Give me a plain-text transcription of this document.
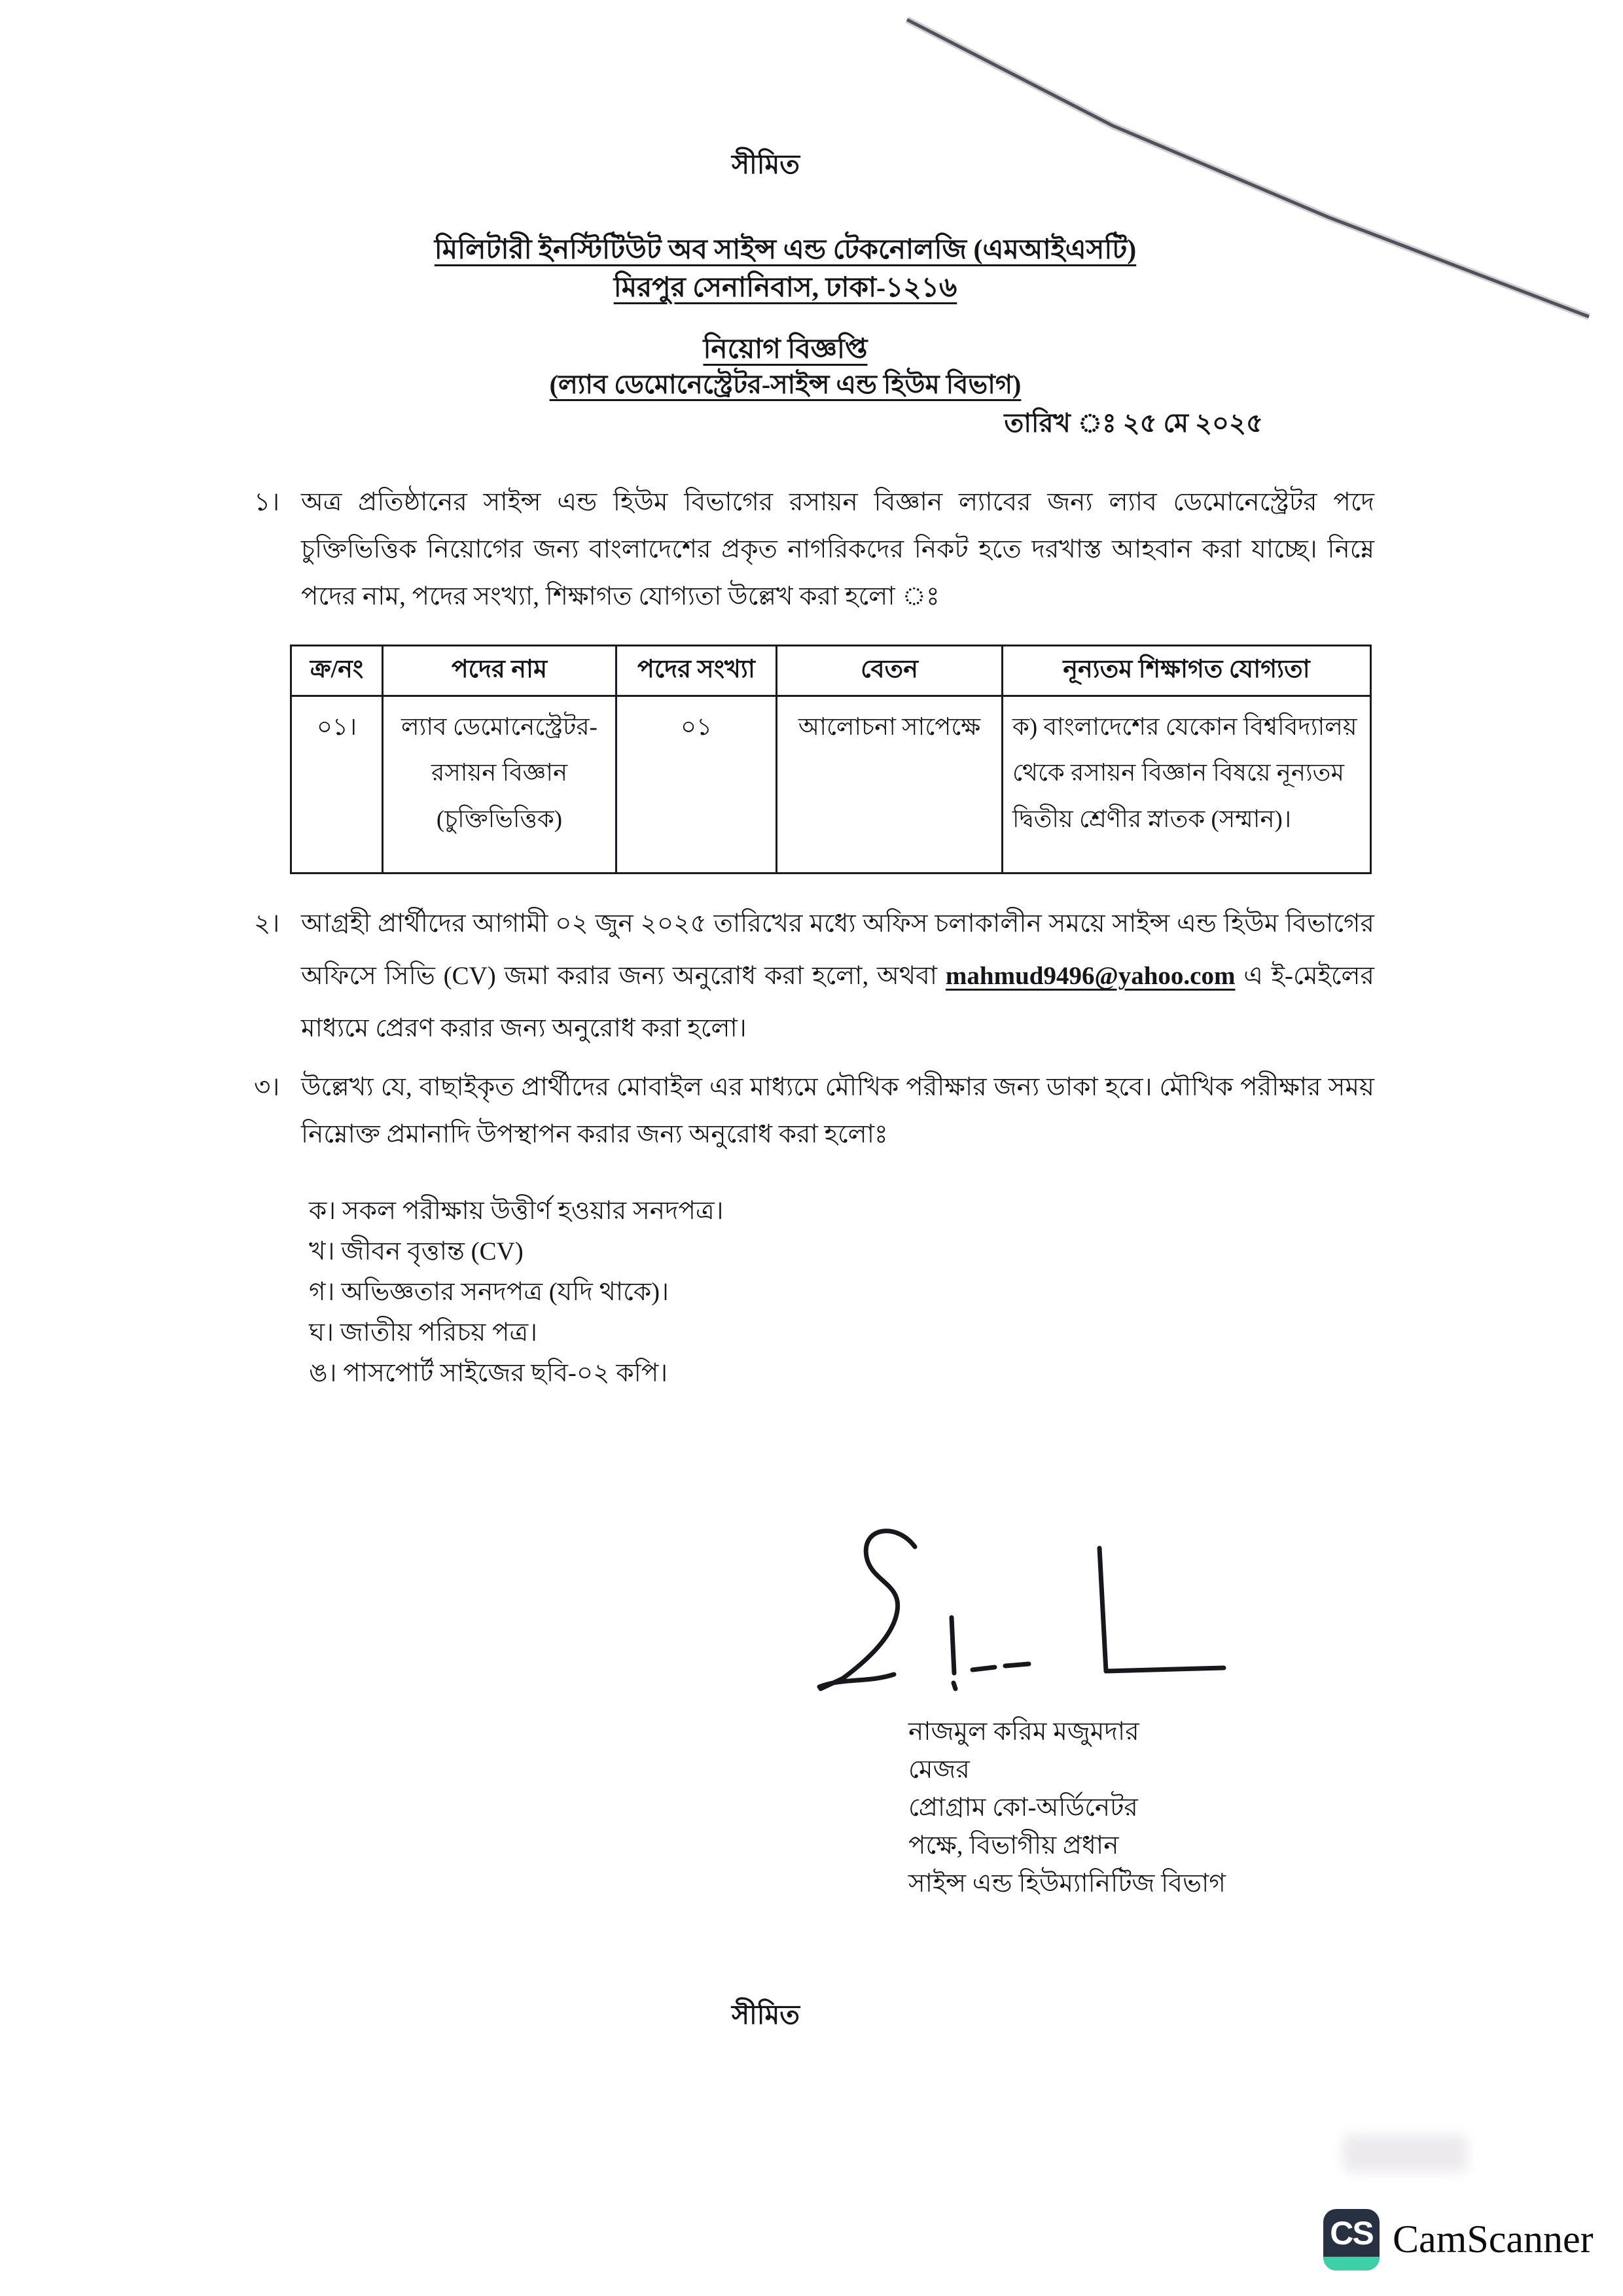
সীমিত
মিলিটারী ইনস্টিটিউট অব সাইন্স এন্ড টেকনোলজি (এমআইএসটি)
মিরপুর সেনানিবাস, ঢাকা-১২১৬
নিয়োগ বিজ্ঞপ্তি
(ল্যাব ডেমোনেস্ট্রেটর-সাইন্স এন্ড হিউম বিভাগ)
তারিখ ঃ ২৫ মে ২০২৫
১। অত্র প্রতিষ্ঠানের সাইন্স এন্ড হিউম বিভাগের রসায়ন বিজ্ঞান ল্যাবের জন্য ল্যাব ডেমোনেস্ট্রেটর পদে চুক্তিভিত্তিক নিয়োগের জন্য বাংলাদেশের প্রকৃত নাগরিকদের নিকট হতে দরখাস্ত আহবান করা যাচ্ছে। নিম্নে পদের নাম, পদের সংখ্যা, শিক্ষাগত যোগ্যতা উল্লেখ করা হলো ঃ
ক্র/নং	পদের নাম	পদের সংখ্যা	বেতন	নূন্যতম শিক্ষাগত যোগ্যতা
০১।	ল্যাব ডেমোনেস্ট্রেটর- রসায়ন বিজ্ঞান (চুক্তিভিত্তিক)	০১	আলোচনা সাপেক্ষে	ক) বাংলাদেশের যেকোন বিশ্ববিদ্যালয় থেকে রসায়ন বিজ্ঞান বিষয়ে নূন্যতম দ্বিতীয় শ্রেণীর স্নাতক (সম্মান)।
২। আগ্রহী প্রার্থীদের আগামী ০২ জুন ২০২৫ তারিখের মধ্যে অফিস চলাকালীন সময়ে সাইন্স এন্ড হিউম বিভাগের অফিসে সিভি (CV) জমা করার জন্য অনুরোধ করা হলো, অথবা mahmud9496@yahoo.com এ ই-মেইলের মাধ্যমে প্রেরণ করার জন্য অনুরোধ করা হলো।
৩। উল্লেখ্য যে, বাছাইকৃত প্রার্থীদের মোবাইল এর মাধ্যমে মৌখিক পরীক্ষার জন্য ডাকা হবে। মৌখিক পরীক্ষার সময় নিম্নোক্ত প্রমানাদি উপস্থাপন করার জন্য অনুরোধ করা হলোঃ
ক। সকল পরীক্ষায় উত্তীর্ণ হওয়ার সনদপত্র।
খ। জীবন বৃত্তান্ত (CV)
গ। অভিজ্ঞতার সনদপত্র (যদি থাকে)।
ঘ। জাতীয় পরিচয় পত্র।
ঙ। পাসপোর্ট সাইজের ছবি-০২ কপি।
নাজমুল করিম মজুমদার
মেজর
প্রোগ্রাম কো-অর্ডিনেটর
পক্ষে, বিভাগীয় প্রধান
সাইন্স এন্ড হিউম্যানিটিজ বিভাগ
সীমিত
CS CamScanner
